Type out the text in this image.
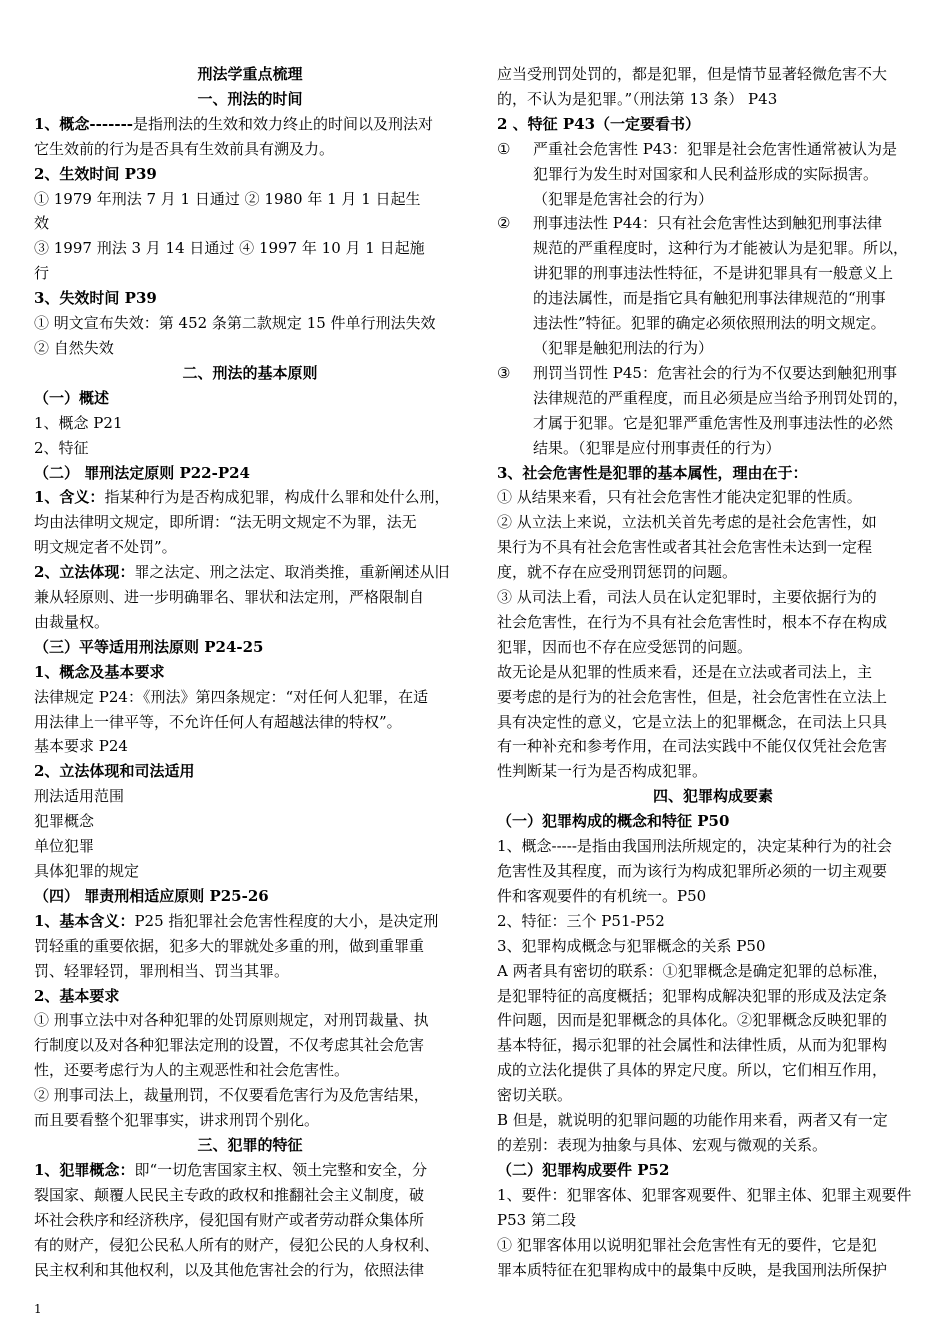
刑法学重点梳理
一、刑法的时间
1、概念-------是指刑法的生效和效力终止的时间以及刑法对
它生效前的行为是否具有生效前具有溯及力。
2、生效时间 P39
① 1979 年刑法 7 月 1 日通过 ② 1980 年 1 月 1 日起生
效
③ 1997 刑法 3 月 14 日通过 ④ 1997 年 10 月 1 日起施
行
3、失效时间 P39
① 明文宣布失效：第 452 条第二款规定 15 件单行刑法失效
② 自然失效
二、刑法的基本原则
（一）概述
1、概念 P21
2、特征
（二） 罪刑法定原则 P22-P24
1、含义：指某种行为是否构成犯罪，构成什么罪和处什么刑，
均由法律明文规定，即所谓：“法无明文规定不为罪，法无
明文规定者不处罚”。
2、立法体现：罪之法定、刑之法定、取消类推，重新阐述从旧
兼从轻原则、进一步明确罪名、罪状和法定刑，严格限制自
由裁量权。
（三）平等适用刑法原则 P24-25
1、概念及基本要求
法律规定 P24：《刑法》第四条规定：“对任何人犯罪，在适
用法律上一律平等，不允许任何人有超越法律的特权”。
基本要求 P24
2、立法体现和司法适用
刑法适用范围
犯罪概念
单位犯罪
具体犯罪的规定
（四） 罪责刑相适应原则 P25-26
1、基本含义：P25 指犯罪社会危害性程度的大小，是决定刑
罚轻重的重要依据，犯多大的罪就处多重的刑，做到重罪重
罚、轻罪轻罚，罪刑相当、罚当其罪。
2、基本要求
① 刑事立法中对各种犯罪的处罚原则规定，对刑罚裁量、执
行制度以及对各种犯罪法定刑的设置，不仅考虑其社会危害
性，还要考虑行为人的主观恶性和社会危害性。
② 刑事司法上，裁量刑罚，不仅要看危害行为及危害结果，
而且要看整个犯罪事实，讲求刑罚个别化。
三、犯罪的特征
1、犯罪概念：即“一切危害国家主权、领土完整和安全，分
裂国家、颠覆人民民主专政的政权和推翻社会主义制度，破
坏社会秩序和经济秩序，侵犯国有财产或者劳动群众集体所
有的财产，侵犯公民私人所有的财产，侵犯公民的人身权利、
民主权利和其他权利，以及其他危害社会的行为，依照法律
应当受刑罚处罚的，都是犯罪，但是情节显著轻微危害不大
的，不认为是犯罪。”（刑法第 13 条） P43
2 、特征 P43（一定要看书）
① 严重社会危害性 P43：犯罪是社会危害性通常被认为是
犯罪行为发生时对国家和人民利益形成的实际损害。
（犯罪是危害社会的行为）
② 刑事违法性 P44：只有社会危害性达到触犯刑事法律
规范的严重程度时，这种行为才能被认为是犯罪。所以，
讲犯罪的刑事违法性特征，不是讲犯罪具有一般意义上
的违法属性，而是指它具有触犯刑事法律规范的“刑事
违法性”特征。犯罪的确定必须依照刑法的明文规定。
（犯罪是触犯刑法的行为）
③ 刑罚当罚性 P45：危害社会的行为不仅要达到触犯刑事
法律规范的严重程度，而且必须是应当给予刑罚处罚的，
才属于犯罪。它是犯罪严重危害性及刑事违法性的必然
结果。（犯罪是应付刑事责任的行为）
3、社会危害性是犯罪的基本属性，理由在于：
① 从结果来看，只有社会危害性才能决定犯罪的性质。
② 从立法上来说，立法机关首先考虑的是社会危害性，如
果行为不具有社会危害性或者其社会危害性未达到一定程
度，就不存在应受刑罚惩罚的问题。
③ 从司法上看，司法人员在认定犯罪时，主要依据行为的
社会危害性，在行为不具有社会危害性时，根本不存在构成
犯罪，因而也不存在应受惩罚的问题。
故无论是从犯罪的性质来看，还是在立法或者司法上，主
要考虑的是行为的社会危害性，但是，社会危害性在立法上
具有决定性的意义，它是立法上的犯罪概念，在司法上只具
有一种补充和参考作用，在司法实践中不能仅仅凭社会危害
性判断某一行为是否构成犯罪。
四、犯罪构成要素
（一）犯罪构成的概念和特征 P50
1、概念-----是指由我国刑法所规定的，决定某种行为的社会
危害性及其程度，而为该行为构成犯罪所必须的一切主观要
件和客观要件的有机统一。P50
2、特征：三个 P51-P52
3、犯罪构成概念与犯罪概念的关系 P50
A 两者具有密切的联系：①犯罪概念是确定犯罪的总标准，
是犯罪特征的高度概括；犯罪构成解决犯罪的形成及法定条
件问题，因而是犯罪概念的具体化。②犯罪概念反映犯罪的
基本特征，揭示犯罪的社会属性和法律性质，从而为犯罪构
成的立法化提供了具体的界定尺度。所以，它们相互作用，
密切关联。
B 但是，就说明的犯罪问题的功能作用来看，两者又有一定
的差别：表现为抽象与具体、宏观与微观的关系。
（二）犯罪构成要件 P52
1、要件：犯罪客体、犯罪客观要件、犯罪主体、犯罪主观要件
P53 第二段
① 犯罪客体用以说明犯罪社会危害性有无的要件，它是犯
罪本质特征在犯罪构成中的最集中反映，是我国刑法所保护
1
